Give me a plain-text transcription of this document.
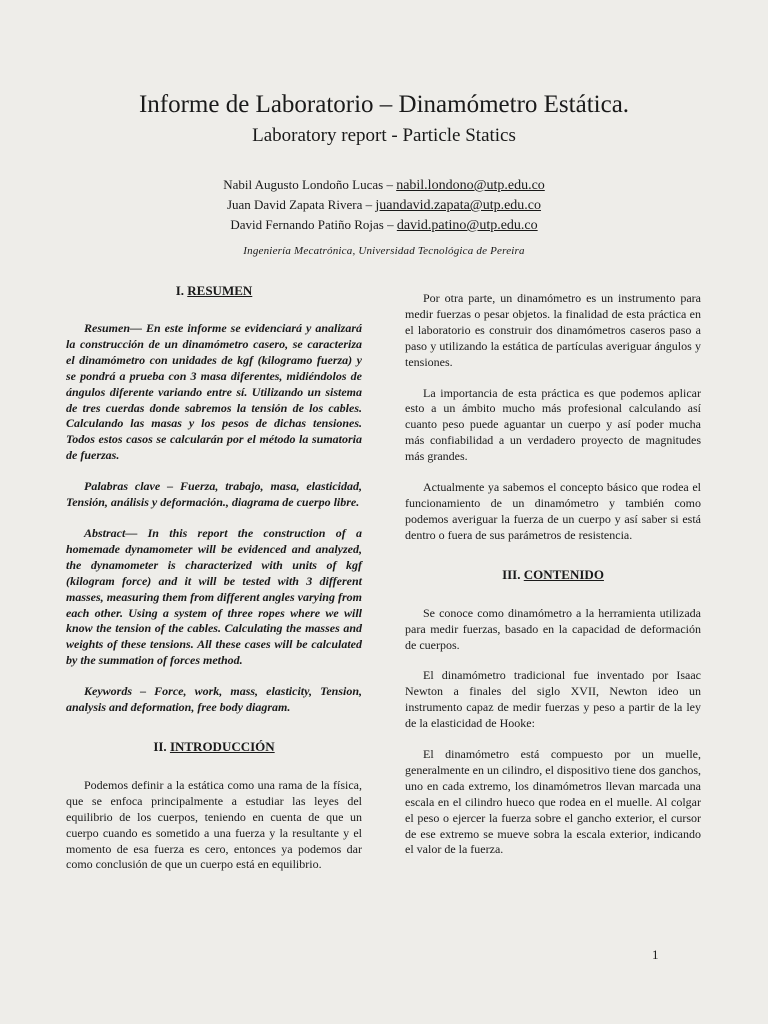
Informe de Laboratorio – Dinamómetro Estática.
Laboratory report - Particle Statics
Nabil Augusto Londoño Lucas – nabil.londono@utp.edu.co
Juan David Zapata Rivera – juandavid.zapata@utp.edu.co
David Fernando Patiño Rojas – david.patino@utp.edu.co
Ingeniería Mecatrónica, Universidad Tecnológica de Pereira
I. RESUMEN

Resumen— En este informe se evidenciará y analizará la construcción de un dinamómetro casero, se caracteriza el dinamómetro con unidades de kgf (kilogramo fuerza) y se pondrá a prueba con 3 masa diferentes, midiéndolos de ángulos diferente variando entre sí. Utilizando un sistema de tres cuerdas donde sabremos la tensión de los cables. Calculando las masas y los pesos de dichas tensiones. Todos estos casos se calcularán por el método la sumatoria de fuerzas.

Palabras clave – Fuerza, trabajo, masa, elasticidad, Tensión, análisis y deformación., diagrama de cuerpo libre.

Abstract— In this report the construction of a homemade dynamometer will be evidenced and analyzed, the dynamometer is characterized with units of kgf (kilogram force) and it will be tested with 3 different masses, measuring them from different angles varying from each other. Using a system of three ropes where we will know the tension of the cables. Calculating the masses and weights of these tensions. All these cases will be calculated by the summation of forces method.

Keywords – Force, work, mass, elasticity, Tension, analysis and deformation, free body diagram.

II. INTRODUCCIÓN

Podemos definir a la estática como una rama de la física, que se enfoca principalmente a estudiar las leyes del equilibrio de los cuerpos, teniendo en cuenta de que un cuerpo cuando es sometido a una fuerza y la resultante y el momento de esa fuerza es cero, entonces ya podemos dar como conclusión de que un cuerpo está en equilibrio.

Por otra parte, un dinamómetro es un instrumento para medir fuerzas o pesar objetos. la finalidad de esta práctica en el laboratorio es construir dos dinamómetros caseros paso a paso y utilizando la estática de partículas averiguar ángulos y tensiones.

La importancia de esta práctica es que podemos aplicar esto a un ámbito mucho más profesional calculando así cuanto peso puede aguantar un cuerpo y así poder mucha más confiabilidad a un verdadero proyecto de magnitudes más grandes.

Actualmente ya sabemos el concepto básico que rodea el funcionamiento de un dinamómetro y también como podemos averiguar la fuerza de un cuerpo y así saber si está dentro o fuera de sus parámetros de resistencia.

III. CONTENIDO

Se conoce como dinamómetro a la herramienta utilizada para medir fuerzas, basado en la capacidad de deformación de cuerpos.

El dinamómetro tradicional fue inventado por Isaac Newton a finales del siglo XVII, Newton ideo un instrumento capaz de medir fuerzas y peso a partir de la ley de la elasticidad de Hooke:

El dinamómetro está compuesto por un muelle, generalmente en un cilindro, el dispositivo tiene dos ganchos, uno en cada extremo, los dinamómetros llevan marcada una escala en el cilindro hueco que rodea en el muelle. Al colgar el peso o ejercer la fuerza sobre el gancho exterior, el cursor de ese extremo se mueve sobra la escala exterior, indicando el valor de la fuerza.

1
